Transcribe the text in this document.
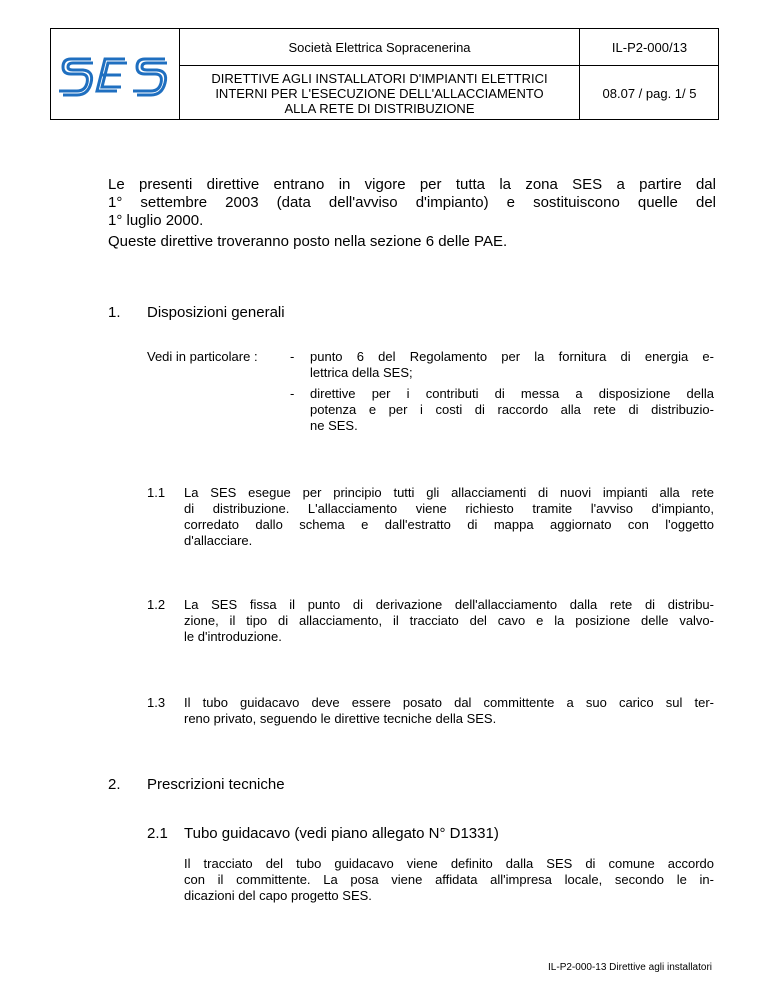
Società Elettrica Sopracenerina	IL-P2-000/13
DIRETTIVE AGLI INSTALLATORI D'IMPIANTI ELETTRICI
INTERNI PER L'ESECUZIONE DELL'ALLACCIAMENTO
ALLA RETE DI DISTRIBUZIONE
08.07 / pag. 1/ 5
Le presenti direttive entrano in vigore per tutta la zona SES a partire dal
1° settembre 2003 (data dell'avviso d'impianto) e sostituiscono quelle del
1° luglio 2000.
Queste direttive troveranno posto nella sezione 6 delle PAE.
1. Disposizioni generali
Vedi in particolare : - punto 6 del Regolamento per la fornitura di energia e-
lettrica della SES;
- direttive per i contributi di messa a disposizione della
potenza e per i costi di raccordo alla rete di distribuzio-
ne SES.
1.1 La SES esegue per principio tutti gli allacciamenti di nuovi impianti alla rete
di distribuzione. L'allacciamento viene richiesto tramite l'avviso d'impianto,
corredato dallo schema e dall'estratto di mappa aggiornato con l'oggetto
d'allacciare.
1.2 La SES fissa il punto di derivazione dell'allacciamento dalla rete di distribu-
zione, il tipo di allacciamento, il tracciato del cavo e la posizione delle valvo-
le d'introduzione.
1.3 Il tubo guidacavo deve essere posato dal committente a suo carico sul ter-
reno privato, seguendo le direttive tecniche della SES.
2. Prescrizioni tecniche
2.1 Tubo guidacavo (vedi piano allegato N° D1331)
Il tracciato del tubo guidacavo viene definito dalla SES di comune accordo
con il committente. La posa viene affidata all'impresa locale, secondo le in-
dicazioni del capo progetto SES.
IL-P2-000-13 Direttive agli installatori
